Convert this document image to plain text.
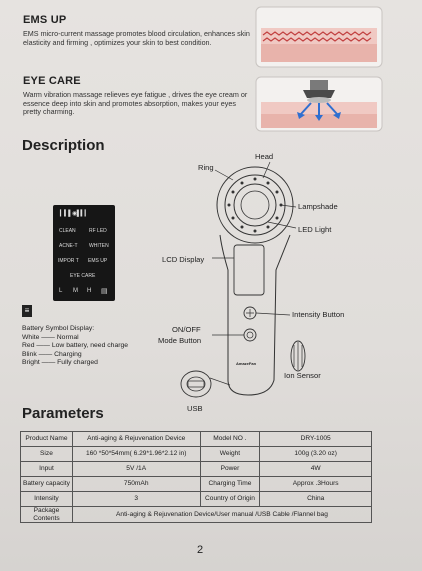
EMS UP
EMS micro-current massage promotes blood circulation, enhances skin elasticity and firming , optimizes your skin to best condition.
EYE CARE
Warm vibration massage relieves eye fatigue , drives the eye cream or essence deep into skin and promotes absorption, makes your eyes pretty charming.
Description
AmazeFan
Head
Ring
Lampshade
LED Light
LCD Display
Intensity Button
ON/OFF
Mode Button
Ion Sensor
USB
▎▍▌◉▌▍▎
CLEAN	RF LED
ACNE-T WHITEN
IMPOR T EMS UP
EYE CARE
L M H ▤
≡
Battery Symbol Display:
White —— Normal
Red —— Low battery, need charge
Blink —— Charging
Bright —— Fully charged
Parameters
Product Name	Anti-aging & Rejuvenation Device	Model NO .	DRY-1005
Size	160 *50*54mm( 6.29*1.96*2.12 in)	Weight	100g (3.20 oz)
Input	5V /1A	Power	4W
Battery capacity	750mAh	Charging Time	Approx .3Hours
Intensity	3	Country of Origin	China
Package Contents	Anti-aging & Rejuvenation Device/User manual /USB Cable /Flannel bag		
2
